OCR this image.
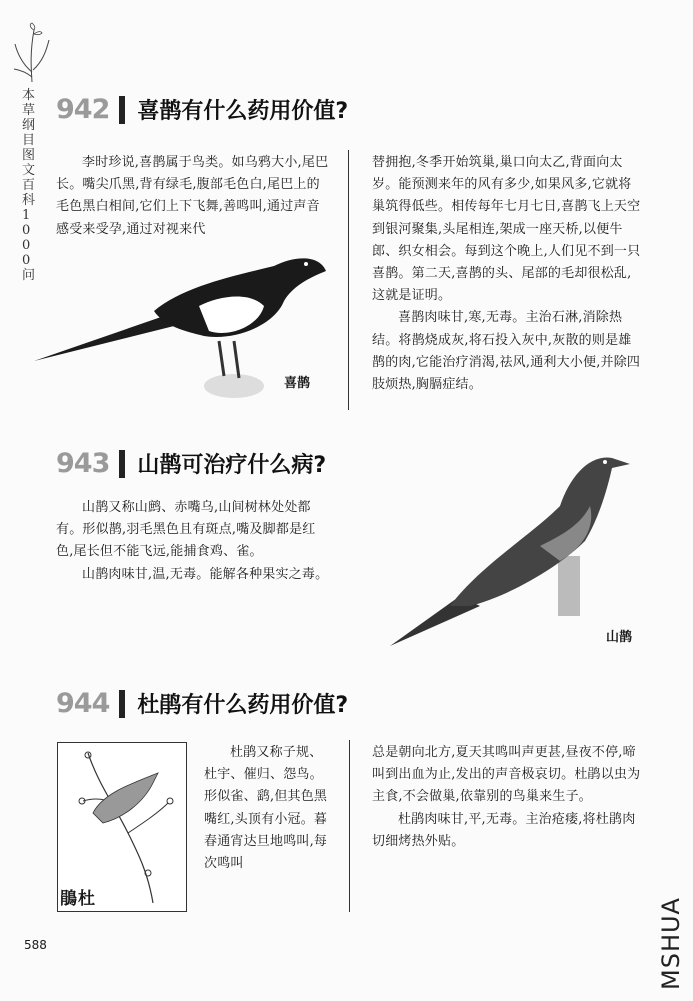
本草纲目图文百科1000问
942 喜鹊有什么药用价值?

李时珍说,喜鹊属于鸟类。如乌鸦大小,尾巴长。嘴尖爪黑,背有绿毛,腹部毛色白,尾巴上的毛色黑白相间,它们上下飞舞,善鸣叫,通过声音感受来受孕,通过对视来代

喜鹊

替拥抱,冬季开始筑巢,巢口向太乙,背面向太岁。能预测来年的风有多少,如果风多,它就将巢筑得低些。相传每年七月七日,喜鹊飞上天空到银河聚集,头尾相连,架成一座天桥,以便牛郎、织女相会。每到这个晚上,人们见不到一只喜鹊。第二天,喜鹊的头、尾部的毛却很松乱,这就是证明。

喜鹊肉味甘,寒,无毒。主治石淋,消除热结。将鹊烧成灰,将石投入灰中,灰散的则是雄鹊的肉,它能治疗消渴,祛风,通利大小便,并除四肢烦热,胸膈症结。

943 山鹊可治疗什么病?

山鹊又称山鹧、赤嘴乌,山间树林处处都有。形似鹊,羽毛黑色且有斑点,嘴及脚都是红色,尾长但不能飞远,能捕食鸡、雀。

山鹊肉味甘,温,无毒。能解各种果实之毒。

山鹊
944 杜鹃有什么药用价值?
鵑杜

杜鹃又称子规、杜宇、催归、怨鸟。形似雀、鹞,但其色黑嘴红,头顶有小冠。暮春通宵达旦地鸣叫,每次鸣叫

总是朝向北方,夏天其鸣叫声更甚,昼夜不停,啼叫到出血为止,发出的声音极哀切。杜鹃以虫为主食,不会做巢,依靠别的鸟巢来生子。

杜鹃肉味甘,平,无毒。主治疮瘘,将杜鹃肉切细烤热外贴。

588	MSHUA
